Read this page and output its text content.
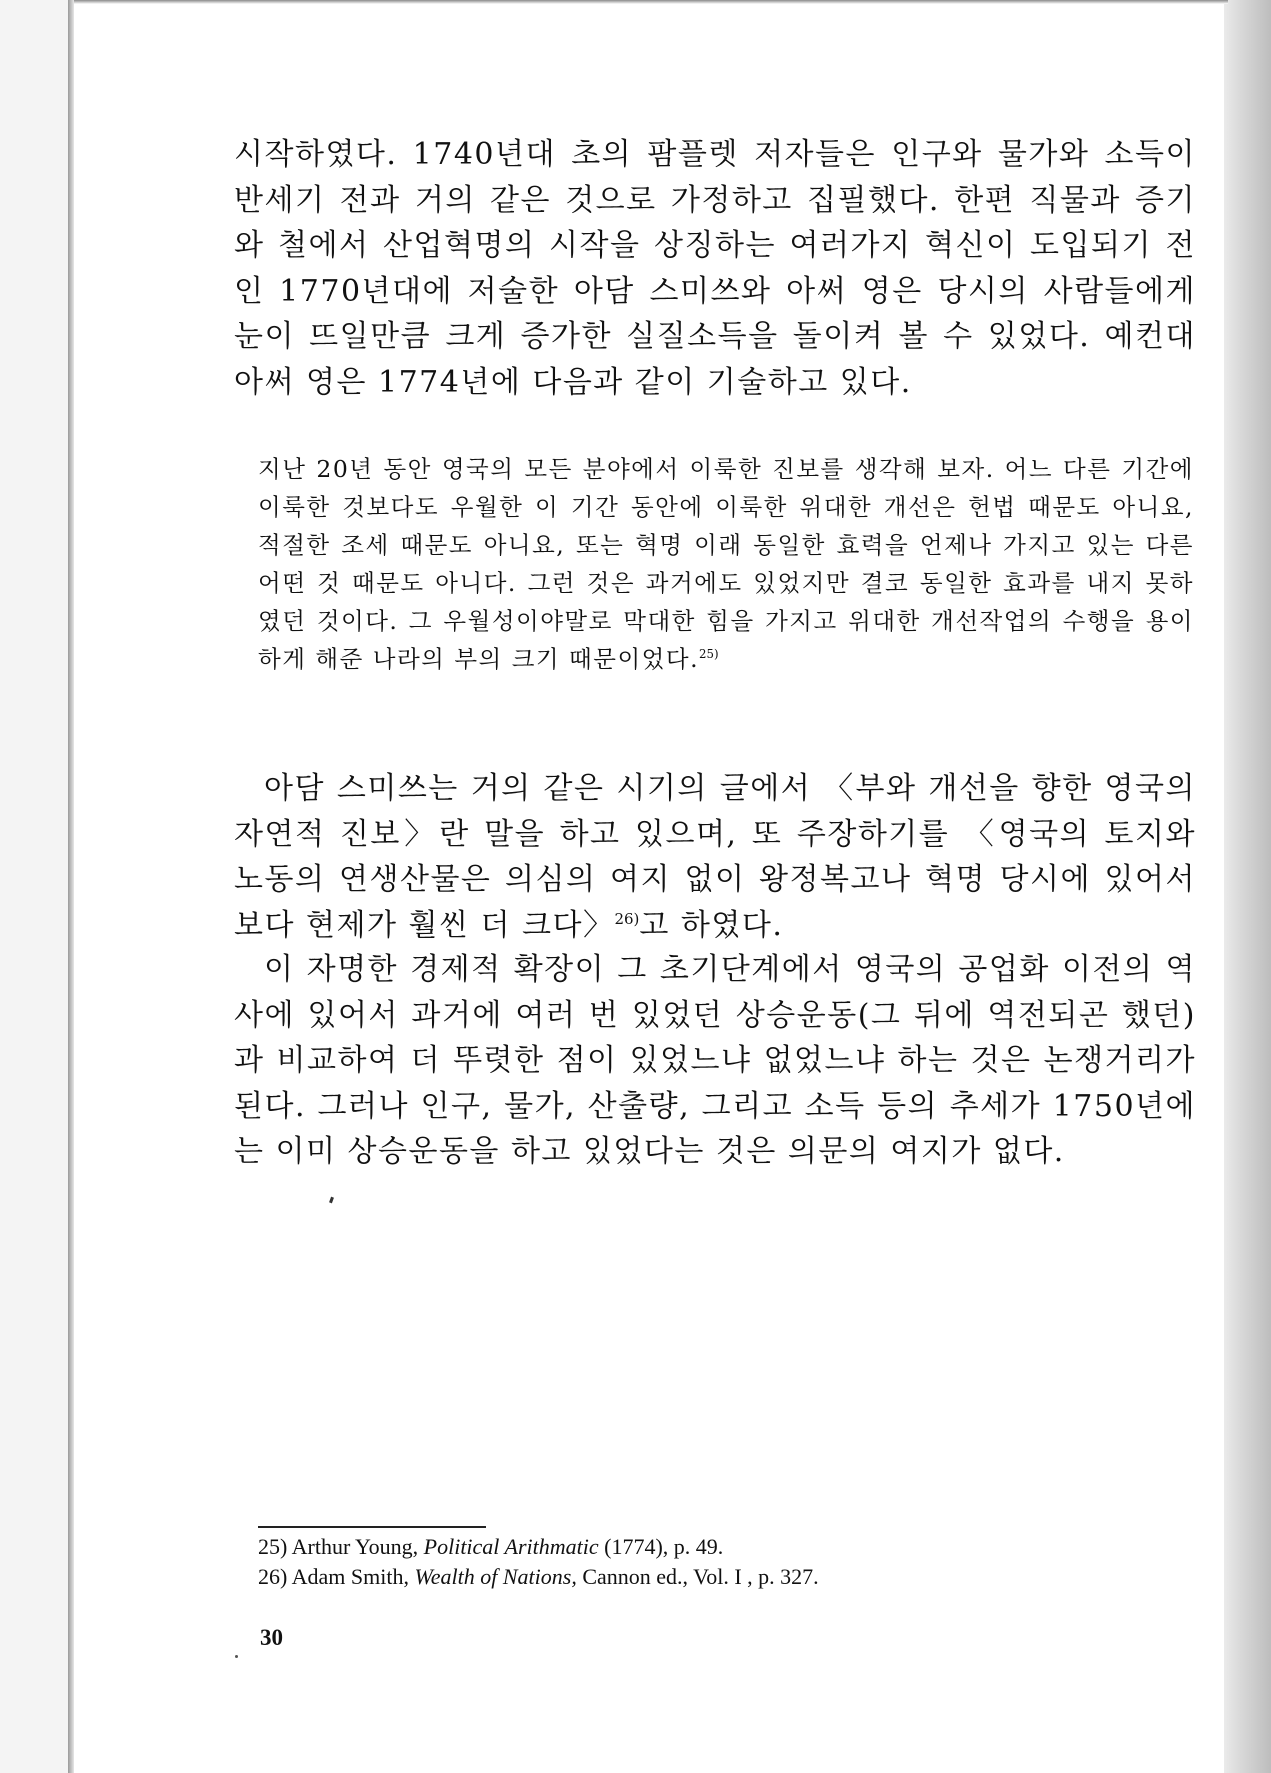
시작하였다. 1740년대 초의 팜플렛 저자들은 인구와 물가와 소득이 반세기 전과 거의 같은 것으로 가정하고 집필했다. 한편 직물과 증기와 철에서 산업혁명의 시작을 상징하는 여러가지 혁신이 도입되기 전인 1770년대에 저술한 아담 스미쓰와 아써 영은 당시의 사람들에게 눈이 뜨일만큼 크게 증가한 실질소득을 돌이켜 볼 수 있었다. 예컨대 아써 영은 1774년에 다음과 같이 기술하고 있다.

지난 20년 동안 영국의 모든 분야에서 이룩한 진보를 생각해 보자. 어느 다른 기간에 이룩한 것보다도 우월한 이 기간 동안에 이룩한 위대한 개선은 헌법 때문도 아니요, 적절한 조세 때문도 아니요, 또는 혁명 이래 동일한 효력을 언제나 가지고 있는 다른 어떤 것 때문도 아니다. 그런 것은 과거에도 있었지만 결코 동일한 효과를 내지 못하였던 것이다. 그 우월성이야말로 막대한 힘을 가지고 위대한 개선작업의 수행을 용이하게 해준 나라의 부의 크기 때문이었다.$^{25)}$

아담 스미쓰는 거의 같은 시기의 글에서 〈부와 개선을 향한 영국의 자연적 진보〉란 말을 하고 있으며, 또 주장하기를 〈영국의 토지와 노동의 연생산물은 의심의 여지 없이 왕정복고나 혁명 당시에 있어서보다 현제가 훨씬 더 크다〉$^{26)}$고 하였다.

이 자명한 경제적 확장이 그 초기단계에서 영국의 공업화 이전의 역사에 있어서 과거에 여러 번 있었던 상승운동(그 뒤에 역전되곤 했던)과 비교하여 더 뚜렷한 점이 있었느냐 없었느냐 하는 것은 논쟁거리가 된다. 그러나 인구, 물가, 산출량, 그리고 소득 등의 추세가 1750년에는 이미 상승운동을 하고 있었다는 것은 의문의 여지가 없다.

25) Arthur Young, Political Arithmatic (1774), p. 49.

26) Adam Smith, Wealth of Nations, Cannon ed., Vol. I , p. 327.

30
